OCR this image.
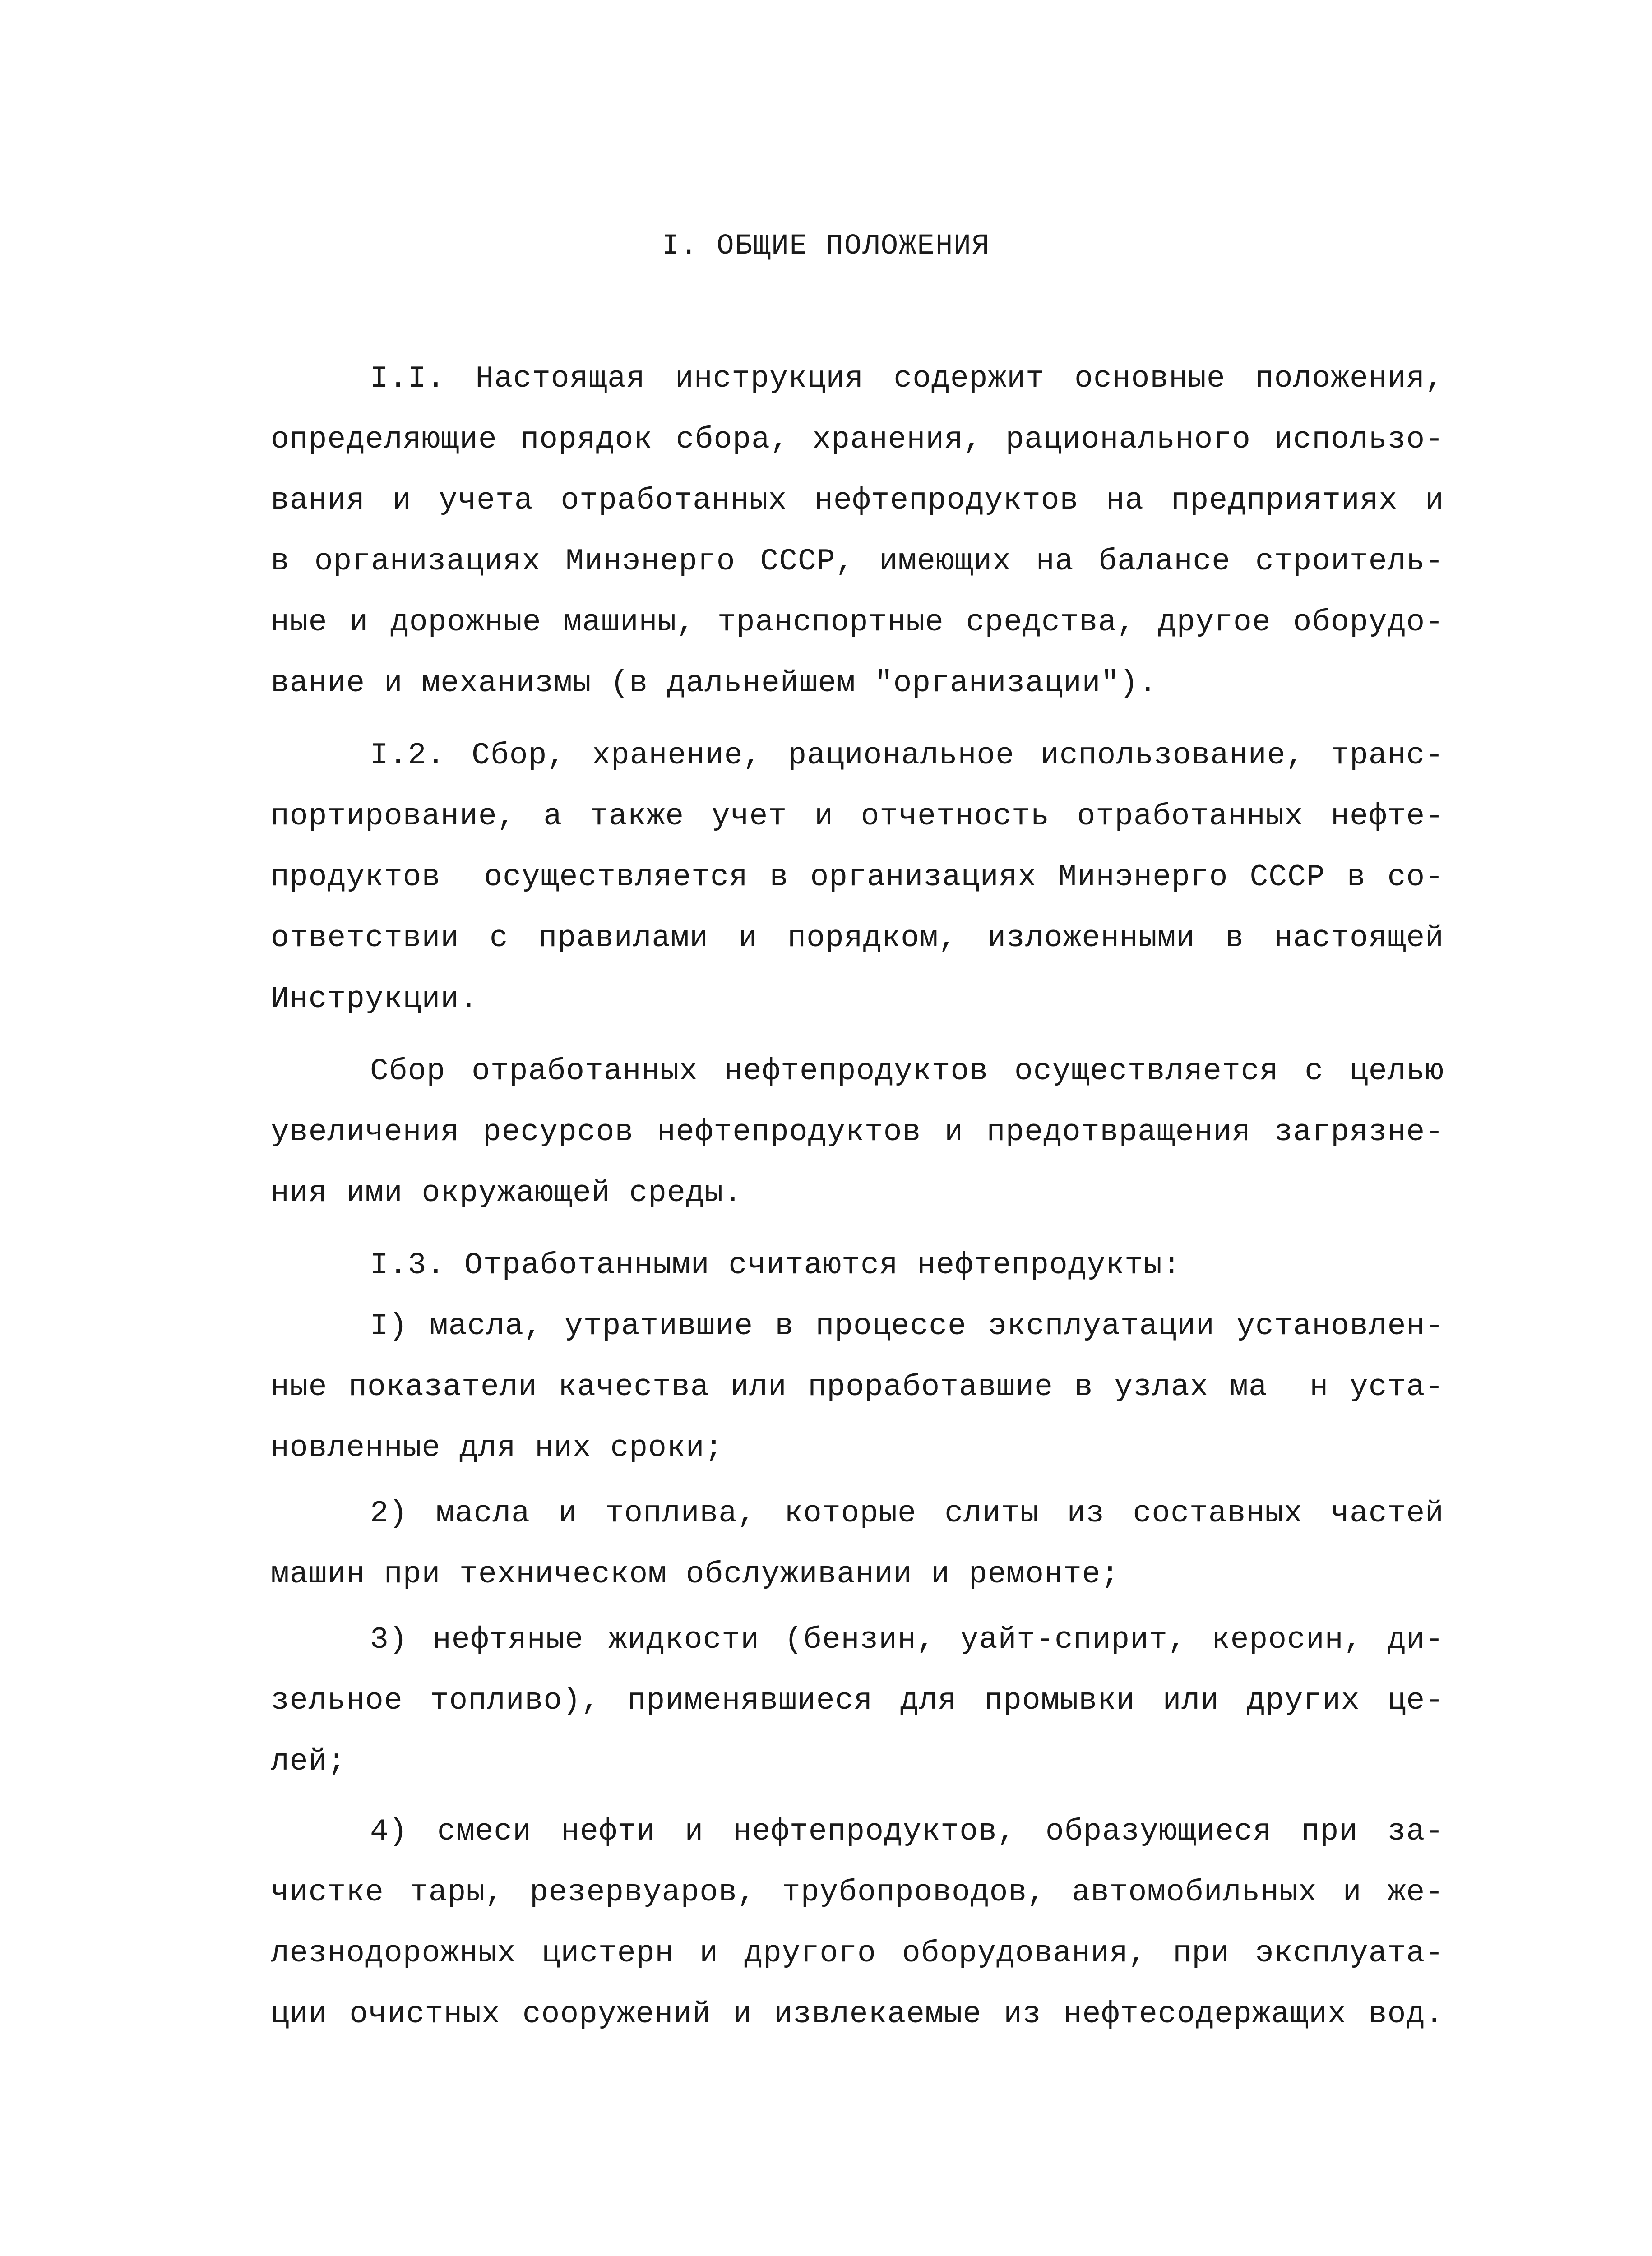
I. ОБЩИЕ ПОЛОЖЕНИЯ

I.I. Настоящая инструкция содержит основные положения,

определяющие порядок сбора, хранения, рационального использо-

вания и учета отработанных нефтепродуктов на предприятиях и

в организациях Минэнерго СССР, имеющих на балансе строитель-

ные и дорожные машины, транспортные средства, другое оборудо-

вание и механизмы (в дальнейшем "организации").

I.2. Сбор, хранение, рациональное использование, транс-

портирование, а также учет и отчетность отработанных нефте-

продуктов  осуществляется в организациях Минэнерго СССР в со-

ответствии с правилами и порядком, изложенными в настоящей

Инструкции.

Сбор отработанных нефтепродуктов осуществляется с целью

увеличения ресурсов нефтепродуктов и предотвращения загрязне-

ния ими окружающей среды.

I.3. Отработанными считаются нефтепродукты:

I) масла, утратившие в процессе эксплуатации установлен-

ные показатели качества или проработавшие в узлах ма  н уста-

новленные для них сроки;

2) масла и топлива, которые слиты из составных частей

машин при техническом обслуживании и ремонте;

3) нефтяные жидкости (бензин, уайт-спирит, керосин, ди-

зельное топливо), применявшиеся для промывки или других це-

лей;

4) смеси нефти и нефтепродуктов, образующиеся при за-

чистке тары, резервуаров, трубопроводов, автомобильных и же-

лезнодорожных цистерн и другого оборудования, при эксплуата-

ции очистных сооружений и извлекаемые из нефтесодержащих вод.
